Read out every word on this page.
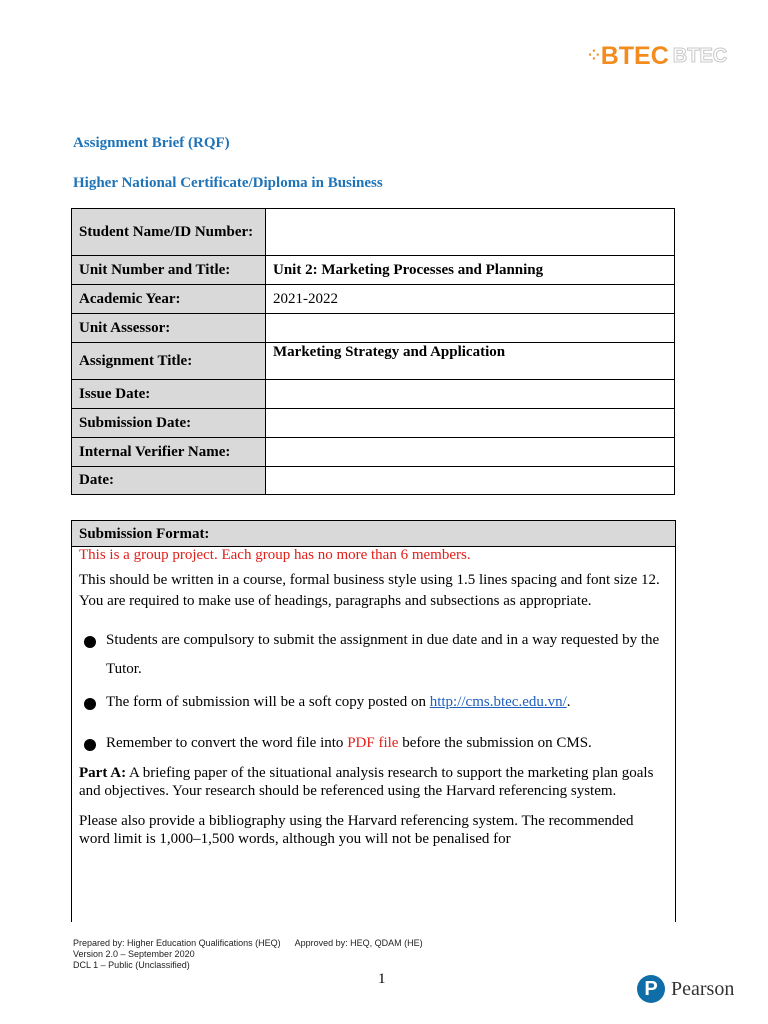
⁘BTEC BTEC
Assignment Brief (RQF)
Higher National Certificate/Diploma in Business
Student Name/ID Number:	
Unit Number and Title:	Unit 2: Marketing Processes and Planning
Academic Year:	2021-2022
Unit Assessor:	
Assignment Title:	Marketing Strategy and Application
Issue Date:	
Submission Date:	
Internal Verifier Name:	
Date:	
Submission Format:

This is a group project. Each group has no more than 6 members.

This should be written in a course, formal business style using 1.5 lines spacing and font size 12. You are required to make use of headings, paragraphs and subsections as appropriate.

Students are compulsory to submit the assignment in due date and in a way requested by the Tutor.
The form of submission will be a soft copy posted on http://cms.btec.edu.vn/.
Remember to convert the word file into PDF file before the submission on CMS.

Part A: A briefing paper of the situational analysis research to support the marketing plan goals and objectives. Your research should be referenced using the Harvard referencing system.

Please also provide a bibliography using the Harvard referencing system. The recommended word limit is 1,000–1,500 words, although you will not be penalised for

Prepared by: Higher Education Qualifications (HEQ) Approved by: HEQ, QDAM (HE)
Version 2.0 – September 2020
DCL 1 – Public (Unclassified)
1	P Pearson
